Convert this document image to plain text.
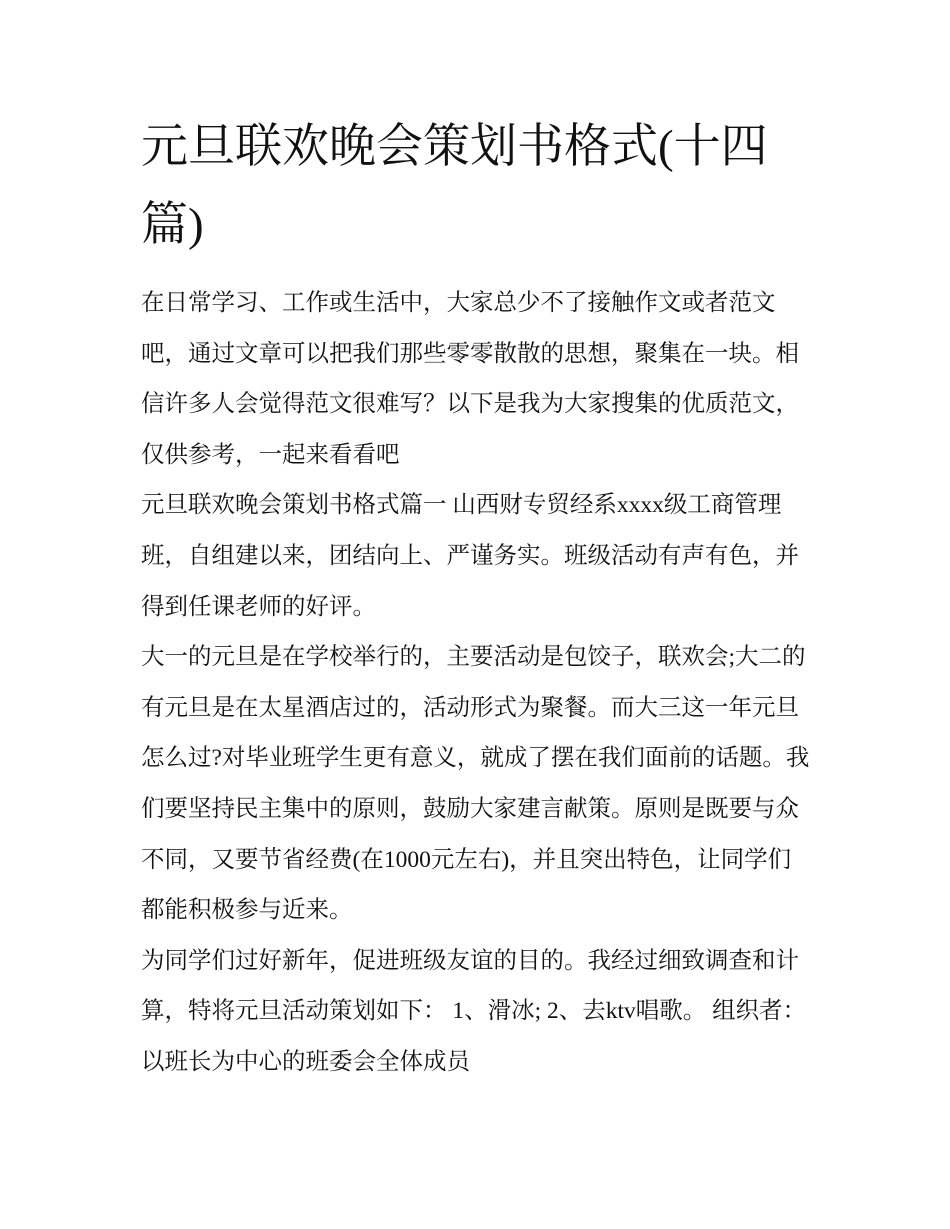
元旦联欢晚会策划书格式(十四篇)

在日常学习、工作或生活中，大家总少不了接触作文或者范文吧，通过文章可以把我们那些零零散散的思想，聚集在一块。相信许多人会觉得范文很难写？以下是我为大家搜集的优质范文，仅供参考，一起来看看吧

元旦联欢晚会策划书格式篇一 山西财专贸经系xxxx级工商管理班，自组建以来，团结向上、严谨务实。班级活动有声有色，并得到任课老师的好评。

大一的元旦是在学校举行的，主要活动是包饺子，联欢会;大二的有元旦是在太星酒店过的，活动形式为聚餐。而大三这一年元旦怎么过?对毕业班学生更有意义，就成了摆在我们面前的话题。我们要坚持民主集中的原则，鼓励大家建言献策。原则是既要与众不同，又要节省经费(在1000元左右)，并且突出特色，让同学们都能积极参与近来。

为同学们过好新年，促进班级友谊的目的。我经过细致调查和计算，特将元旦活动策划如下： 1、滑冰; 2、去ktv唱歌。 组织者：以班长为中心的班委会全体成员
